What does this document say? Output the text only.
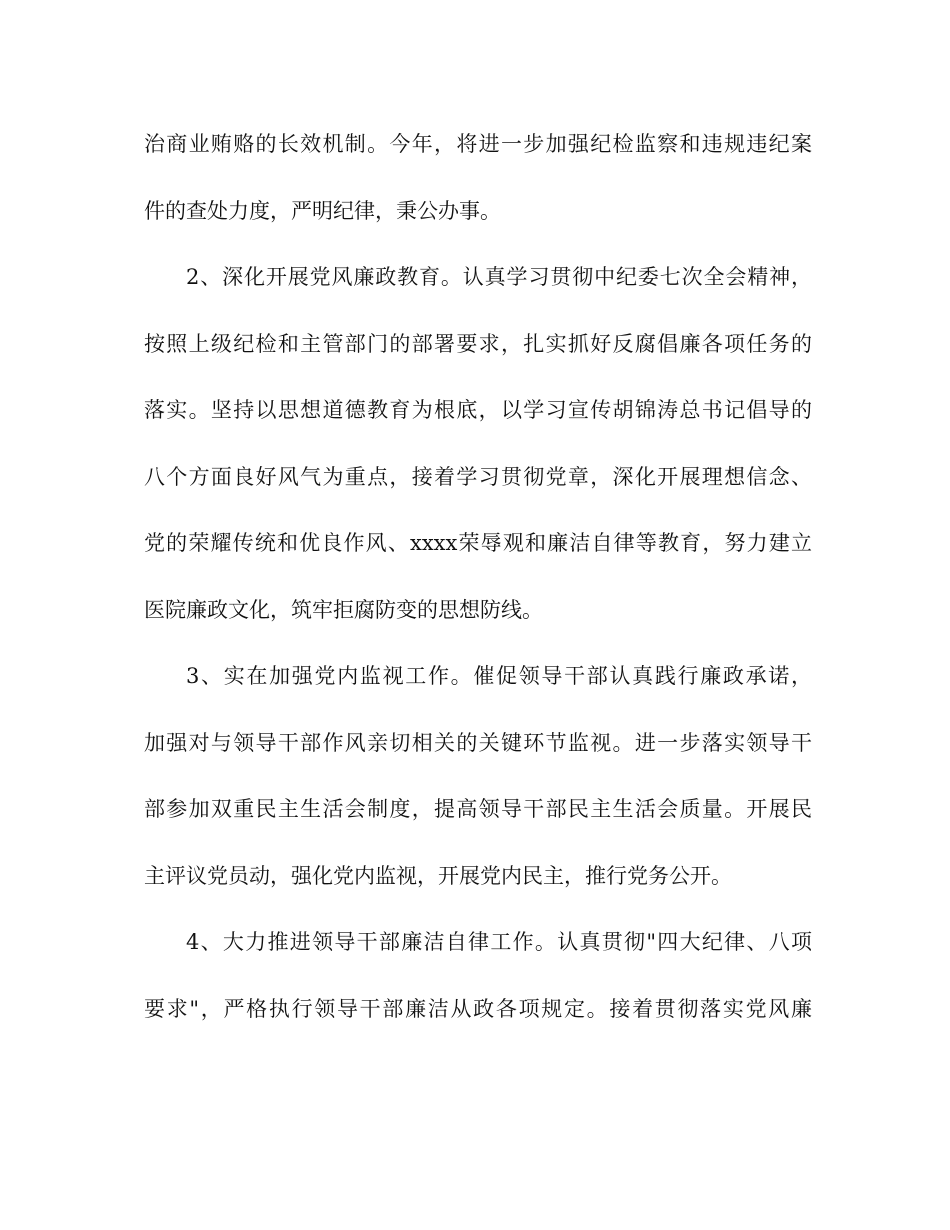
治商业贿赂的长效机制。今年，将进一步加强纪检监察和违规违纪案
件的查处力度，严明纪律，秉公办事。
2、深化开展党风廉政教育。认真学习贯彻中纪委七次全会精神，
按照上级纪检和主管部门的部署要求，扎实抓好反腐倡廉各项任务的
落实。坚持以思想道德教育为根底，以学习宣传胡锦涛总书记倡导的
八个方面良好风气为重点，接着学习贯彻党章，深化开展理想信念、
党的荣耀传统和优良作风、xxxx荣辱观和廉洁自律等教育，努力建立
医院廉政文化，筑牢拒腐防变的思想防线。
3、实在加强党内监视工作。催促领导干部认真践行廉政承诺，
加强对与领导干部作风亲切相关的关键环节监视。进一步落实领导干
部参加双重民主生活会制度，提高领导干部民主生活会质量。开展民
主评议党员动，强化党内监视，开展党内民主，推行党务公开。
4、大力推进领导干部廉洁自律工作。认真贯彻"四大纪律、八项
要求"，严格执行领导干部廉洁从政各项规定。接着贯彻落实党风廉
